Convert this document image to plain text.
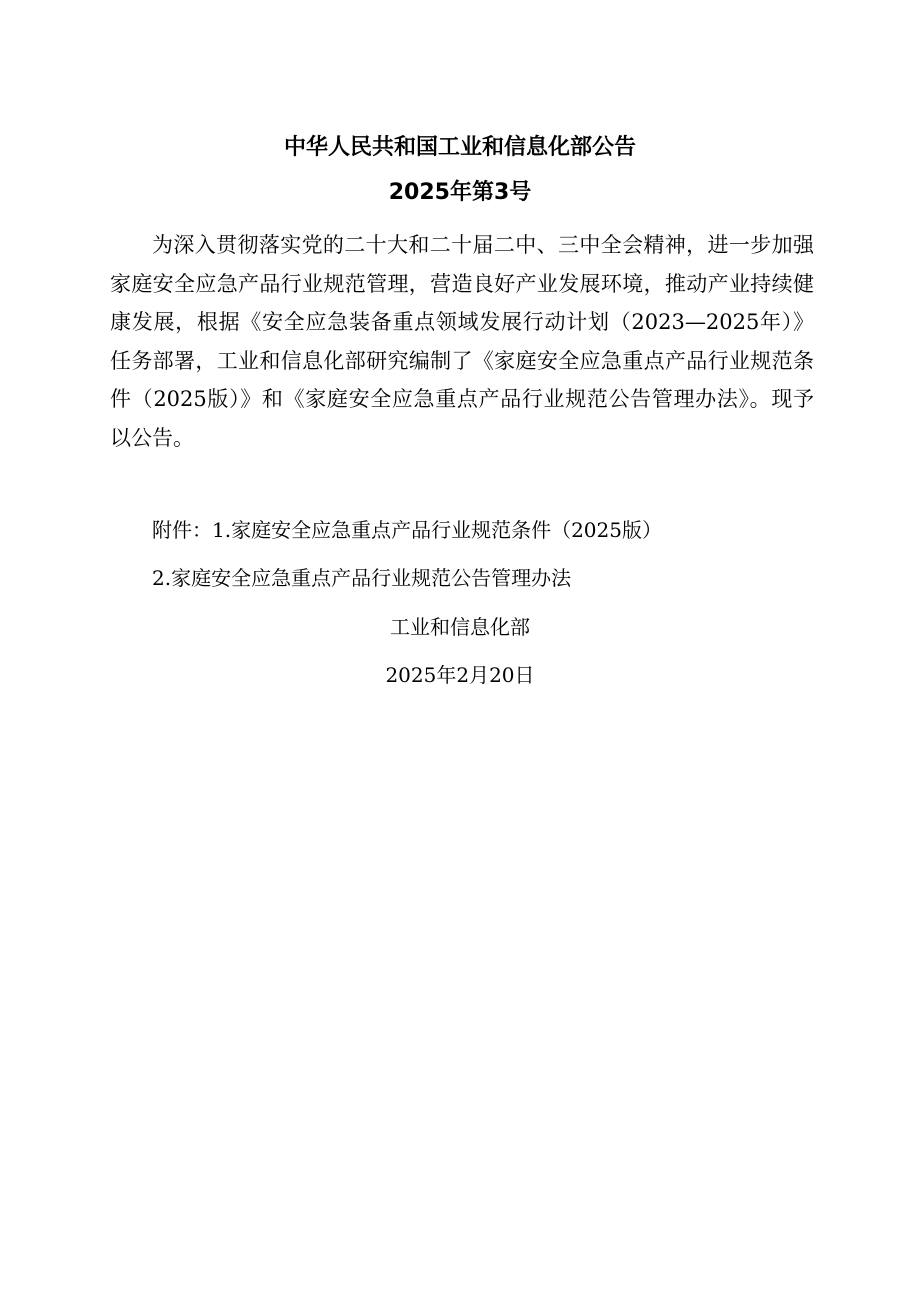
中华人民共和国工业和信息化部公告
2025年第3号

为深入贯彻落实党的二十大和二十届二中、三中全会精神，进一步加强家庭安全应急产品行业规范管理，营造良好产业发展环境，推动产业持续健康发展，根据《安全应急装备重点领域发展行动计划（2023—2025年）》任务部署，工业和信息化部研究编制了《家庭安全应急重点产品行业规范条件（2025版）》和《家庭安全应急重点产品行业规范公告管理办法》。现予以公告。

附件：1.家庭安全应急重点产品行业规范条件（2025版）

2.家庭安全应急重点产品行业规范公告管理办法

工业和信息化部

2025年2月20日
